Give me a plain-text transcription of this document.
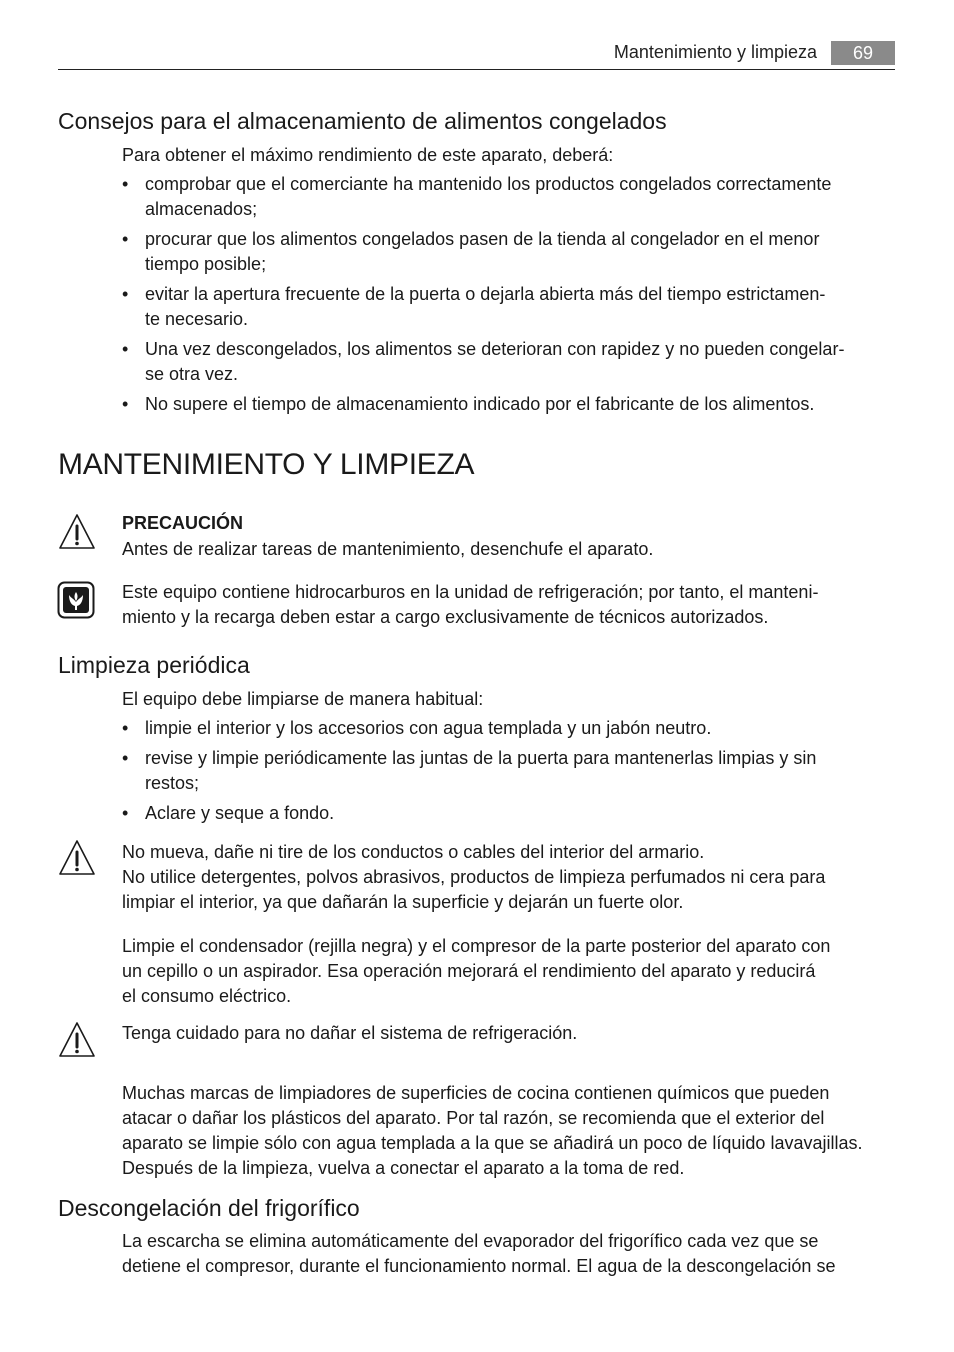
Mantenimiento y limpieza	69
Consejos para el almacenamiento de alimentos congelados
Para obtener el máximo rendimiento de este aparato, deberá:
• comprobar que el comerciante ha mantenido los productos congelados correctamente
almacenados;
• procurar que los alimentos congelados pasen de la tienda al congelador en el menor
tiempo posible;
• evitar la apertura frecuente de la puerta o dejarla abierta más del tiempo estrictamen-
te necesario.
• Una vez descongelados, los alimentos se deterioran con rapidez y no pueden congelar-
se otra vez.
• No supere el tiempo de almacenamiento indicado por el fabricante de los alimentos.
MANTENIMIENTO Y LIMPIEZA
PRECAUCIÓN
Antes de realizar tareas de mantenimiento, desenchufe el aparato.
Este equipo contiene hidrocarburos en la unidad de refrigeración; por tanto, el manteni-
miento y la recarga deben estar a cargo exclusivamente de técnicos autorizados.
Limpieza periódica
El equipo debe limpiarse de manera habitual:
• limpie el interior y los accesorios con agua templada y un jabón neutro.
• revise y limpie periódicamente las juntas de la puerta para mantenerlas limpias y sin
restos;
• Aclare y seque a fondo.
No mueva, dañe ni tire de los conductos o cables del interior del armario.
No utilice detergentes, polvos abrasivos, productos de limpieza perfumados ni cera para
limpiar el interior, ya que dañarán la superficie y dejarán un fuerte olor.
Limpie el condensador (rejilla negra) y el compresor de la parte posterior del aparato con
un cepillo o un aspirador. Esa operación mejorará el rendimiento del aparato y reducirá
el consumo eléctrico.
Tenga cuidado para no dañar el sistema de refrigeración.
Muchas marcas de limpiadores de superficies de cocina contienen químicos que pueden
atacar o dañar los plásticos del aparato. Por tal razón, se recomienda que el exterior del
aparato se limpie sólo con agua templada a la que se añadirá un poco de líquido lavavajillas.
Después de la limpieza, vuelva a conectar el aparato a la toma de red.
Descongelación del frigorífico
La escarcha se elimina automáticamente del evaporador del frigorífico cada vez que se
detiene el compresor, durante el funcionamiento normal. El agua de la descongelación se
